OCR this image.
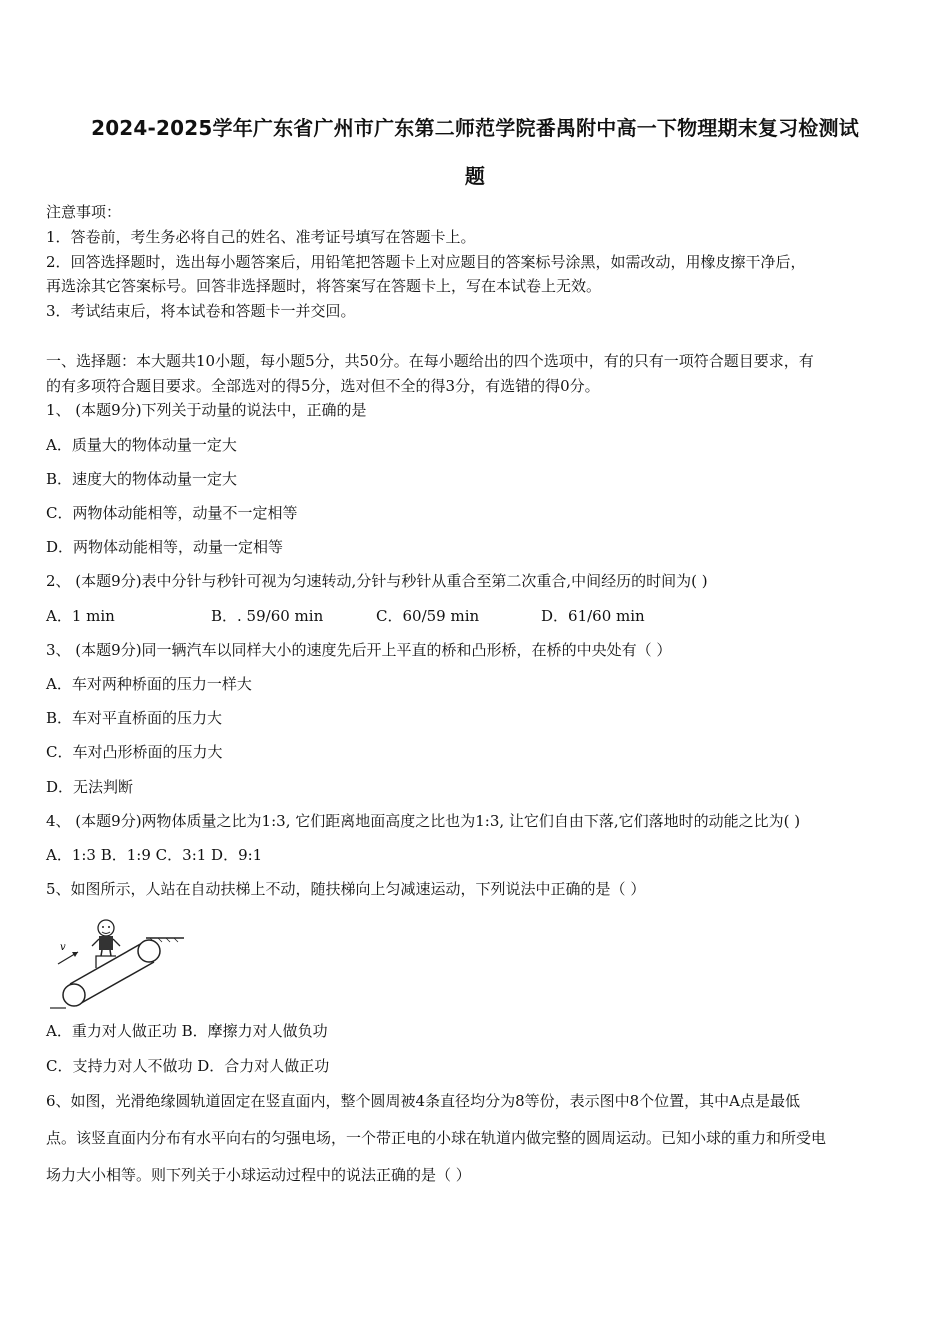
2024-2025学年广东省广州市广东第二师范学院番禺附中高一下物理期末复习检测试
题
注意事项：
1．答卷前，考生务必将自己的姓名、准考证号填写在答题卡上。
2．回答选择题时，选出每小题答案后，用铅笔把答题卡上对应题目的答案标号涂黑，如需改动，用橡皮擦干净后，
再选涂其它答案标号。回答非选择题时，将答案写在答题卡上，写在本试卷上无效。
3．考试结束后，将本试卷和答题卡一并交回。
一、选择题：本大题共10小题，每小题5分，共50分。在每小题给出的四个选项中，有的只有一项符合题目要求，有
的有多项符合题目要求。全部选对的得5分，选对但不全的得3分，有选错的得0分。
1、 (本题9分)下列关于动量的说法中，正确的是
A．质量大的物体动量一定大
B．速度大的物体动量一定大
C．两物体动能相等，动量不一定相等
D．两物体动能相等，动量一定相等
2、 (本题9分)表中分针与秒针可视为匀速转动,分针与秒针从重合至第二次重合,中间经历的时间为( )
A．1 min	B．. 59/60 min	C．60/59 min	D．61/60 min
3、 (本题9分)同一辆汽车以同样大小的速度先后开上平直的桥和凸形桥，在桥的中央处有（ ）
A．车对两种桥面的压力一样大
B．车对平直桥面的压力大
C．车对凸形桥面的压力大
D．无法判断
4、 (本题9分)两物体质量之比为1:3, 它们距离地面高度之比也为1:3, 让它们自由下落,它们落地时的动能之比为( )
A．1:3 B．1:9 C．3:1 D．9:1
5、如图所示，人站在自动扶梯上不动，随扶梯向上匀减速运动，下列说法中正确的是（ ）
v
A．重力对人做正功 B．摩擦力对人做负功
C．支持力对人不做功 D．合力对人做正功
6、如图，光滑绝缘圆轨道固定在竖直面内，整个圆周被4条直径均分为8等份，表示图中8个位置，其中A点是最低
点。该竖直面内分布有水平向右的匀强电场，一个带正电的小球在轨道内做完整的圆周运动。已知小球的重力和所受电
场力大小相等。则下列关于小球运动过程中的说法正确的是（ ）
